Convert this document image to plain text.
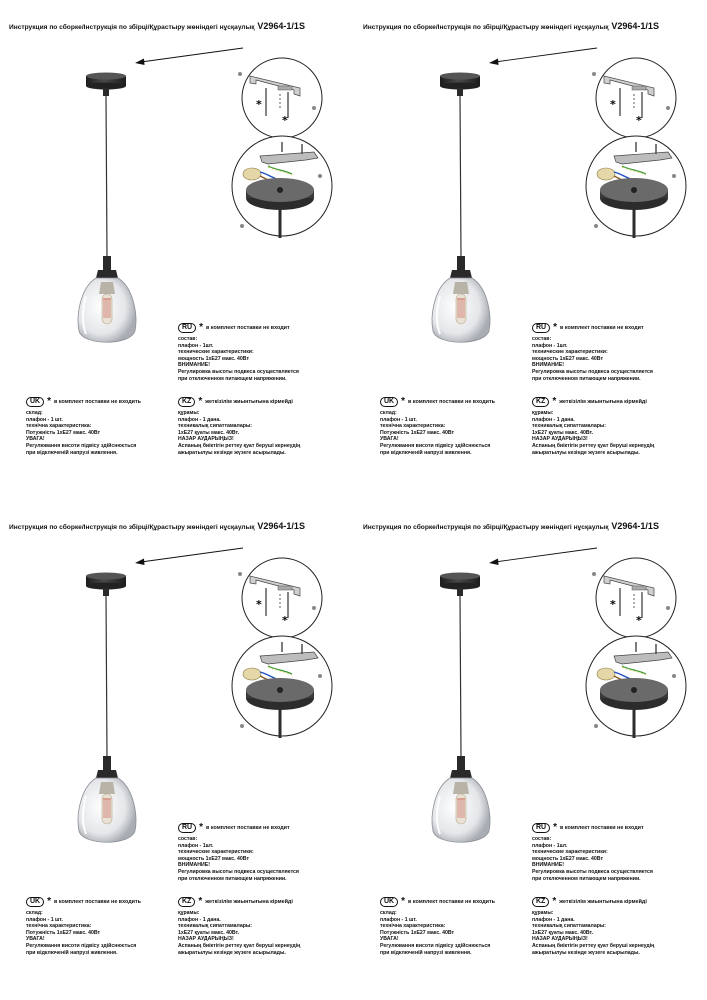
Инструкция по сборке/Інструкція по збірці/Құрастыру жөніндегі нұсқаулық V2964-1/1S
*
*
RU * в комплект поставки не входит
состав:
плафон - 1шт.
технические характеристики:
мощность 1xE27 макс. 40Вт
ВНИМАНИЕ!
Регулировка высоты подвеса осуществляется
при отключенном питающем напряжении.
UK * в комплект поставки не входить
склад:
плафон - 1 шт.
технічна характеристика:
Потужність 1xE27 макс. 40Вт
УВАГА!
Регулювання висоти підвісу здійснюється
при відключеній напрузі живлення.
KZ * жеткізілім жиынтығына кірмейді
құрамы:
плафон - 1 дана.
техникалық сипаттамалары:
1xE27 қуаты макс. 40Вт.
НАЗАР АУДАРЫҢЫЗ!
Аспаның биіктігін реттеу қуат беруші кернеудің
ажыратылуы кезінде жүзеге асырылады.
Инструкция по сборке/Інструкція по збірці/Құрастыру жөніндегі нұсқаулық V2964-1/1S
*
*
RU * в комплект поставки не входит
состав:
плафон - 1шт.
технические характеристики:
мощность 1xE27 макс. 40Вт
ВНИМАНИЕ!
Регулировка высоты подвеса осуществляется
при отключенном питающем напряжении.
UK * в комплект поставки не входить
склад:
плафон - 1 шт.
технічна характеристика:
Потужність 1xE27 макс. 40Вт
УВАГА!
Регулювання висоти підвісу здійснюється
при відключеній напрузі живлення.
KZ * жеткізілім жиынтығына кірмейді
құрамы:
плафон - 1 дана.
техникалық сипаттамалары:
1xE27 қуаты макс. 40Вт.
НАЗАР АУДАРЫҢЫЗ!
Аспаның биіктігін реттеу қуат беруші кернеудің
ажыратылуы кезінде жүзеге асырылады.
Инструкция по сборке/Інструкція по збірці/Құрастыру жөніндегі нұсқаулық V2964-1/1S
*
*
RU * в комплект поставки не входит
состав:
плафон - 1шт.
технические характеристики:
мощность 1xE27 макс. 40Вт
ВНИМАНИЕ!
Регулировка высоты подвеса осуществляется
при отключенном питающем напряжении.
UK * в комплект поставки не входить
склад:
плафон - 1 шт.
технічна характеристика:
Потужність 1xE27 макс. 40Вт
УВАГА!
Регулювання висоти підвісу здійснюється
при відключеній напрузі живлення.
KZ * жеткізілім жиынтығына кірмейді
құрамы:
плафон - 1 дана.
техникалық сипаттамалары:
1xE27 қуаты макс. 40Вт.
НАЗАР АУДАРЫҢЫЗ!
Аспаның биіктігін реттеу қуат беруші кернеудің
ажыратылуы кезінде жүзеге асырылады.
Инструкция по сборке/Інструкція по збірці/Құрастыру жөніндегі нұсқаулық V2964-1/1S
*
*
RU * в комплект поставки не входит
состав:
плафон - 1шт.
технические характеристики:
мощность 1xE27 макс. 40Вт
ВНИМАНИЕ!
Регулировка высоты подвеса осуществляется
при отключенном питающем напряжении.
UK * в комплект поставки не входить
склад:
плафон - 1 шт.
технічна характеристика:
Потужність 1xE27 макс. 40Вт
УВАГА!
Регулювання висоти підвісу здійснюється
при відключеній напрузі живлення.
KZ * жеткізілім жиынтығына кірмейді
құрамы:
плафон - 1 дана.
техникалық сипаттамалары:
1xE27 қуаты макс. 40Вт.
НАЗАР АУДАРЫҢЫЗ!
Аспаның биіктігін реттеу қуат беруші кернеудің
ажыратылуы кезінде жүзеге асырылады.
